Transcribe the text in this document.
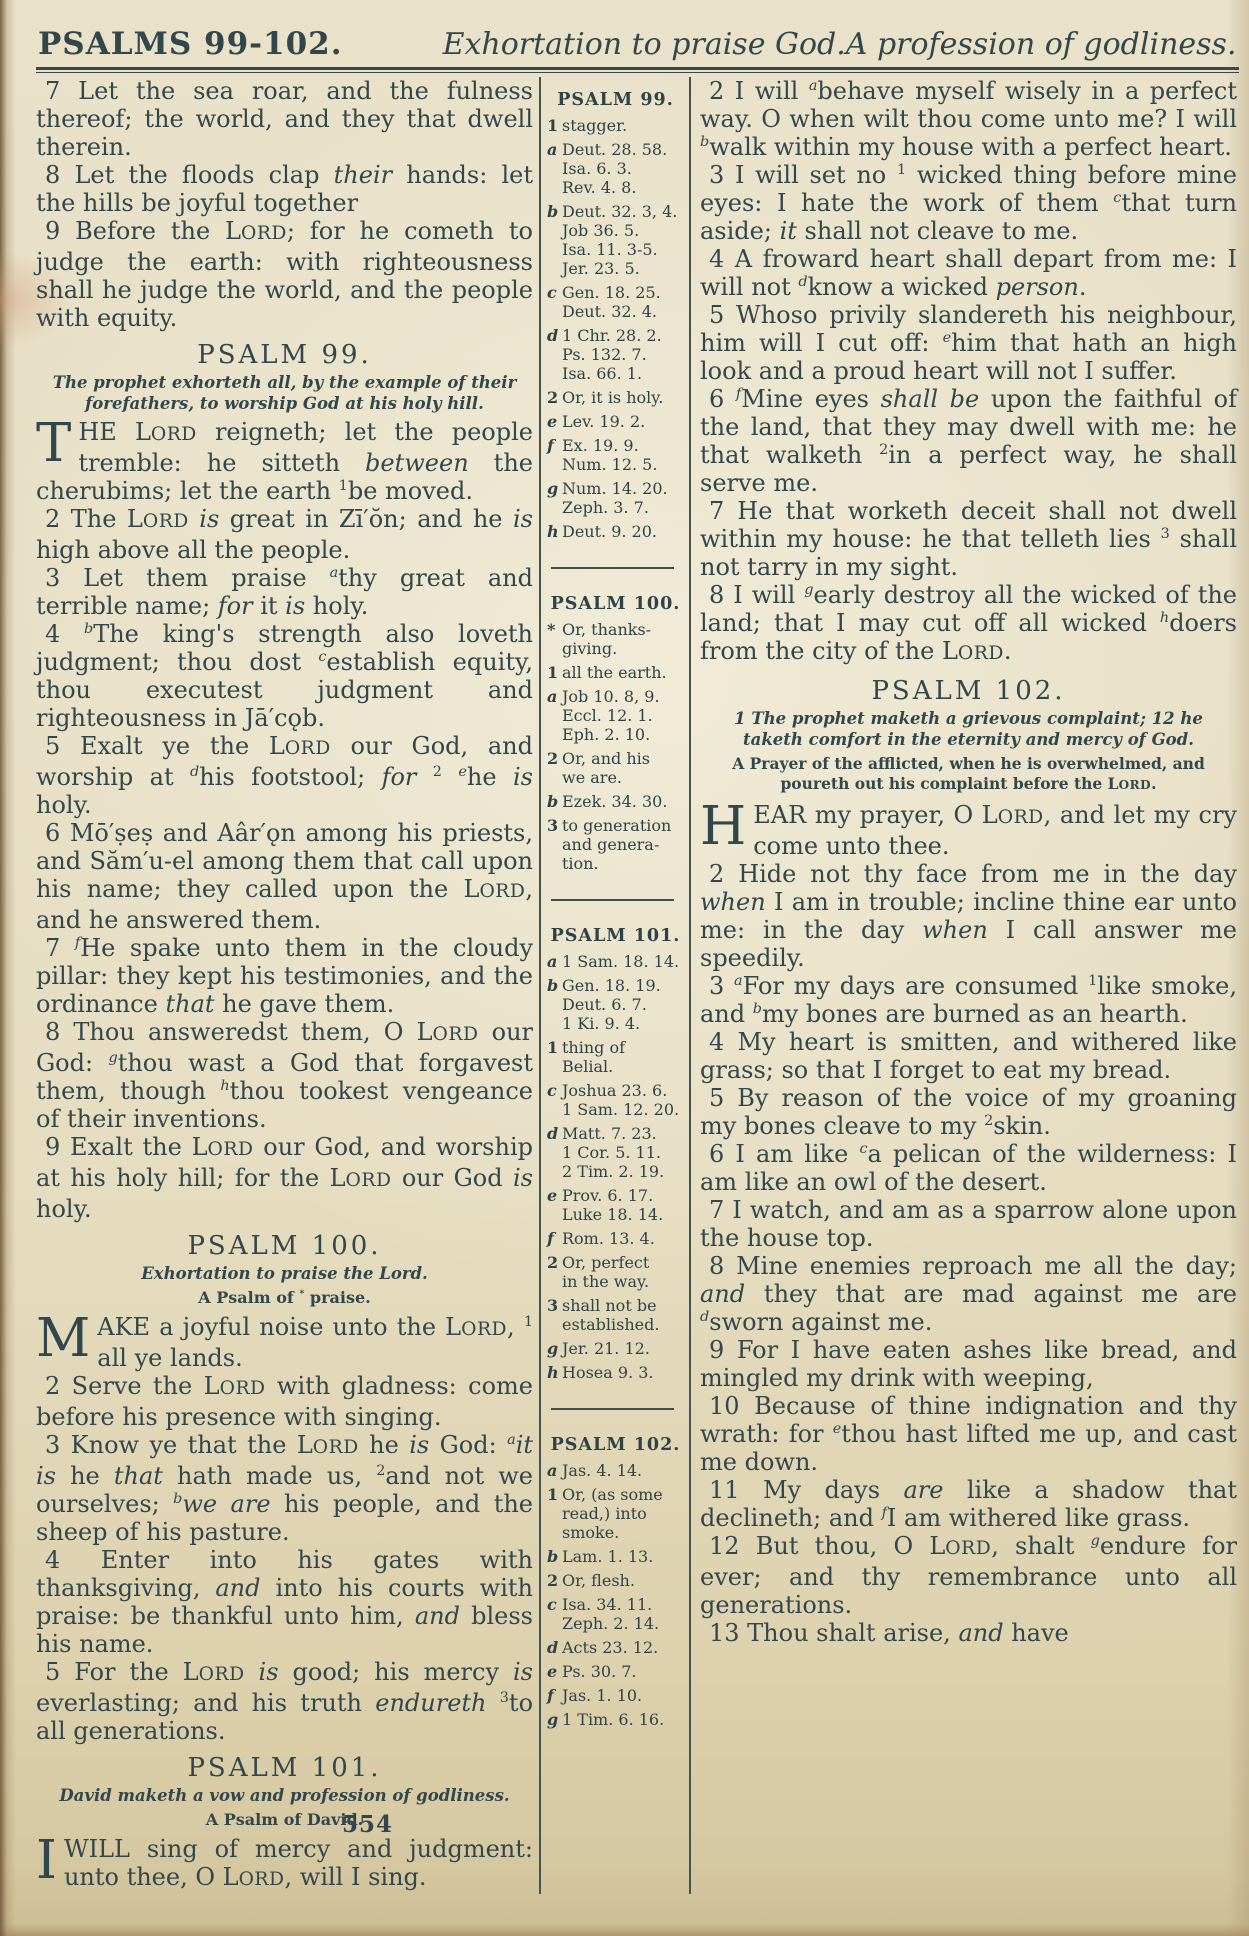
PSALMS 99-102.	Exhortation to praise God. A profession of godliness.

7 Let the sea roar, and the fulness thereof; the world, and they that dwell therein.

8 Let the floods clap their hands: let the hills be joyful together

9 Before the LORD; for he cometh to judge the earth: with righteousness shall he judge the world, and the people with equity.

PSALM 99.
The prophet exhorteth all, by the example of their forefathers, to worship God at his holy hill.

THE LORD reigneth; let the people tremble: he sitteth between the cherubims; let the earth $^1$be moved.

2 The LORD is great in Zī′ŏn; and he is high above all the people.

3 Let them praise $^a$thy great and terrible name; for it is holy.

4 $^b$The king's strength also loveth judgment; thou dost $^c$establish equity, thou executest judgment and righteousness in Jā′cǫb.

5 Exalt ye the LORD our God, and worship at $^d$his footstool; for $^2$ $^e$he is holy.

6 Mō′ṣeṣ and Aâr′ǫn among his priests, and Săm′u-el among them that call upon his name; they called upon the LORD, and he answered them.

7 $^f$He spake unto them in the cloudy pillar: they kept his testimonies, and the ordinance that he gave them.

8 Thou answeredst them, O LORD our God: $^g$thou wast a God that forgavest them, though $^h$thou tookest vengeance of their inventions.

9 Exalt the LORD our God, and worship at his holy hill; for the LORD our God is holy.

PSALM 100.
Exhortation to praise the Lord.
A Psalm of * praise.

MAKE a joyful noise unto the LORD, $^1$ all ye lands.

2 Serve the LORD with gladness: come before his presence with singing.

3 Know ye that the LORD he is God: $^a$it is he that hath made us, $^2$and not we ourselves; $^b$we are his people, and the sheep of his pasture.

4 Enter into his gates with thanksgiving, and into his courts with praise: be thankful unto him, and bless his name.

5 For the LORD is good; his mercy is everlasting; and his truth endureth $^3$to all generations.

PSALM 101.
David maketh a vow and profession of godliness.
A Psalm of David.

I WILL sing of mercy and judgment: unto thee, O LORD, will I sing.

PSALM 99.
1 stagger.
a Deut. 28. 58.
Isa. 6. 3.
Rev. 4. 8.
b Deut. 32. 3, 4.
Job 36. 5.
Isa. 11. 3-5.
Jer. 23. 5.
c Gen. 18. 25.
Deut. 32. 4.
d 1 Chr. 28. 2.
Ps. 132. 7.
Isa. 66. 1.
2 Or, it is holy.
e Lev. 19. 2.
f Ex. 19. 9.
Num. 12. 5.
g Num. 14. 20.
Zeph. 3. 7.
h Deut. 9. 20.
PSALM 100.
* Or, thanks-
giving.
1 all the earth.
a Job 10. 8, 9.
Eccl. 12. 1.
Eph. 2. 10.
2 Or, and his
we are.
b Ezek. 34. 30.
3 to generation
and genera-
tion.
PSALM 101.
a 1 Sam. 18. 14.
b Gen. 18. 19.
Deut. 6. 7.
1 Ki. 9. 4.
1 thing of
Belial.
c Joshua 23. 6.
1 Sam. 12. 20.
d Matt. 7. 23.
1 Cor. 5. 11.
2 Tim. 2. 19.
e Prov. 6. 17.
Luke 18. 14.
f Rom. 13. 4.
2 Or, perfect
in the way.
3 shall not be
established.
g Jer. 21. 12.
h Hosea 9. 3.
PSALM 102.
a Jas. 4. 14.
1 Or, (as some
read,) into
smoke.
b Lam. 1. 13.
2 Or, flesh.
c Isa. 34. 11.
Zeph. 2. 14.
d Acts 23. 12.
e Ps. 30. 7.
f Jas. 1. 10.
g 1 Tim. 6. 16.

2 I will $^a$behave myself wisely in a perfect way. O when wilt thou come unto me? I will $^b$walk within my house with a perfect heart.

3 I will set no $^1$ wicked thing before mine eyes: I hate the work of them $^c$that turn aside; it shall not cleave to me.

4 A froward heart shall depart from me: I will not $^d$know a wicked person.

5 Whoso privily slandereth his neighbour, him will I cut off: $^e$him that hath an high look and a proud heart will not I suffer.

6 $^f$Mine eyes shall be upon the faithful of the land, that they may dwell with me: he that walketh $^2$in a perfect way, he shall serve me.

7 He that worketh deceit shall not dwell within my house: he that telleth lies $^3$ shall not tarry in my sight.

8 I will $^g$early destroy all the wicked of the land; that I may cut off all wicked $^h$doers from the city of the LORD.

PSALM 102.
1 The prophet maketh a grievous complaint; 12 he taketh comfort in the eternity and mercy of God.
A Prayer of the afflicted, when he is overwhelmed, and poureth out his complaint before the LORD.

HEAR my prayer, O LORD, and let my cry come unto thee.

2 Hide not thy face from me in the day when I am in trouble; incline thine ear unto me: in the day when I call answer me speedily.

3 $^a$For my days are consumed $^1$like smoke, and $^b$my bones are burned as an hearth.

4 My heart is smitten, and withered like grass; so that I forget to eat my bread.

5 By reason of the voice of my groaning my bones cleave to my $^2$skin.

6 I am like $^c$a pelican of the wilderness: I am like an owl of the desert.

7 I watch, and am as a sparrow alone upon the house top.

8 Mine enemies reproach me all the day; and they that are mad against me are $^d$sworn against me.

9 For I have eaten ashes like bread, and mingled my drink with weeping,

10 Because of thine indignation and thy wrath: for $^e$thou hast lifted me up, and cast me down.

11 My days are like a shadow that declineth; and $^f$I am withered like grass.

12 But thou, O LORD, shalt $^g$endure for ever; and thy remembrance unto all generations.

13 Thou shalt arise, and have

554
